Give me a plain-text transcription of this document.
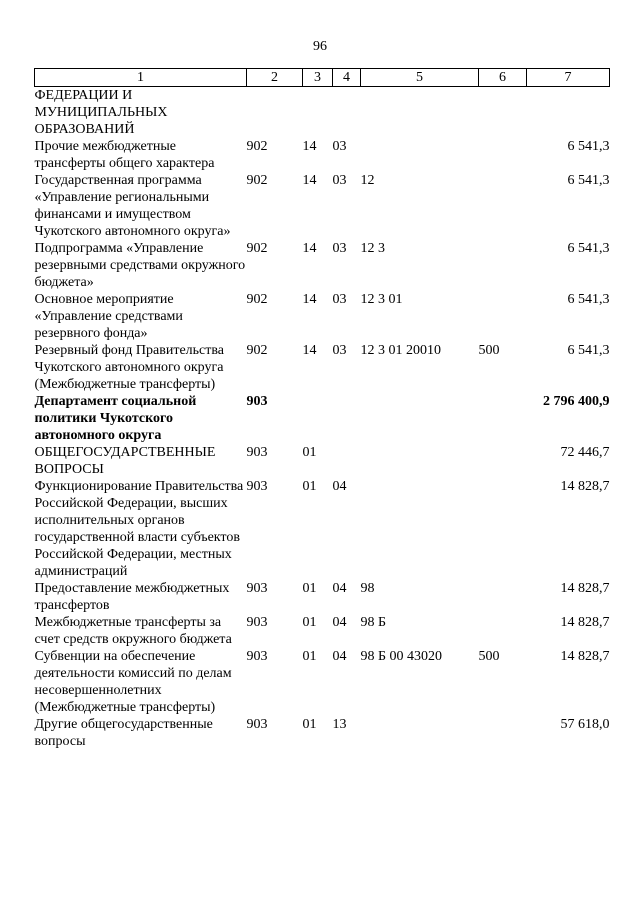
96
1	2	3	4	5	6	7
ФЕДЕРАЦИИ И МУНИЦИПАЛЬНЫХ ОБРАЗОВАНИЙ						
Прочие межбюджетные трансферты общего характера	902	14	03			6 541,3
Государственная программа «Управление региональными финансами и имуществом Чукотского автономного округа»	902	14	03	12		6 541,3
Подпрограмма «Управление резервными средствами окружного бюджета»	902	14	03	12 3		6 541,3
Основное мероприятие «Управление средствами резервного фонда»	902	14	03	12 3 01		6 541,3
Резервный фонд Правительства Чукотского автономного округа (Межбюджетные трансферты)	902	14	03	12 3 01 20010	500	6 541,3
Департамент социальной политики Чукотского автономного округа	903					2 796 400,9
ОБЩЕГОСУДАРСТВЕННЫЕ ВОПРОСЫ	903	01				72 446,7
Функционирование Правительства Российской Федерации, высших исполнительных органов государственной власти субъектов Российской Федерации, местных администраций	903	01	04			14 828,7
Предоставление межбюджетных трансфертов	903	01	04	98		14 828,7
Межбюджетные трансферты за счет средств окружного бюджета	903	01	04	98 Б		14 828,7
Субвенции на обеспечение деятельности комиссий по делам несовершеннолетних (Межбюджетные трансферты)	903	01	04	98 Б 00 43020	500	14 828,7
Другие общегосударственные вопросы	903	01	13			57 618,0
